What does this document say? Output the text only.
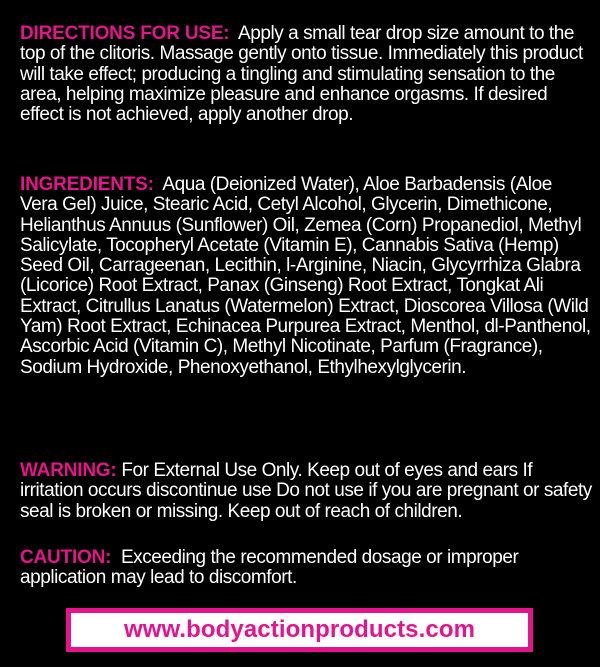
DIRECTIONS FOR USE: Apply a small tear drop size amount to the top of the clitoris. Massage gently onto tissue. Immediately this product will take effect; producing a tingling and stimulating sensation to the area, helping maximize pleasure and enhance orgasms. If desired effect is not achieved, apply another drop.

INGREDIENTS: Aqua (Deionized Water), Aloe Barbadensis (Aloe Vera Gel) Juice, Stearic Acid, Cetyl Alcohol, Glycerin, Dimethicone, Helianthus Annuus (Sunflower) Oil, Zemea (Corn) Propanediol, Methyl Salicylate, Tocopheryl Acetate (Vitamin E), Cannabis Sativa (Hemp) Seed Oil, Carrageenan, Lecithin, l-Arginine, Niacin, Glycyrrhiza Glabra (Licorice) Root Extract, Panax (Ginseng) Root Extract, Tongkat Ali Extract, Citrullus Lanatus (Watermelon) Extract, Dioscorea Villosa (Wild Yam) Root Extract, Echinacea Purpurea Extract, Menthol, dl-Panthenol, Ascorbic Acid (Vitamin C), Methyl Nicotinate, Parfum (Fragrance), Sodium Hydroxide, Phenoxyethanol, Ethylhexylglycerin.

WARNING: For External Use Only. Keep out of eyes and ears If irritation occurs discontinue use Do not use if you are pregnant or safety seal is broken or missing. Keep out of reach of children.

CAUTION: Exceeding the recommended dosage or improper application may lead to discomfort.

www.bodyactionproducts.com
